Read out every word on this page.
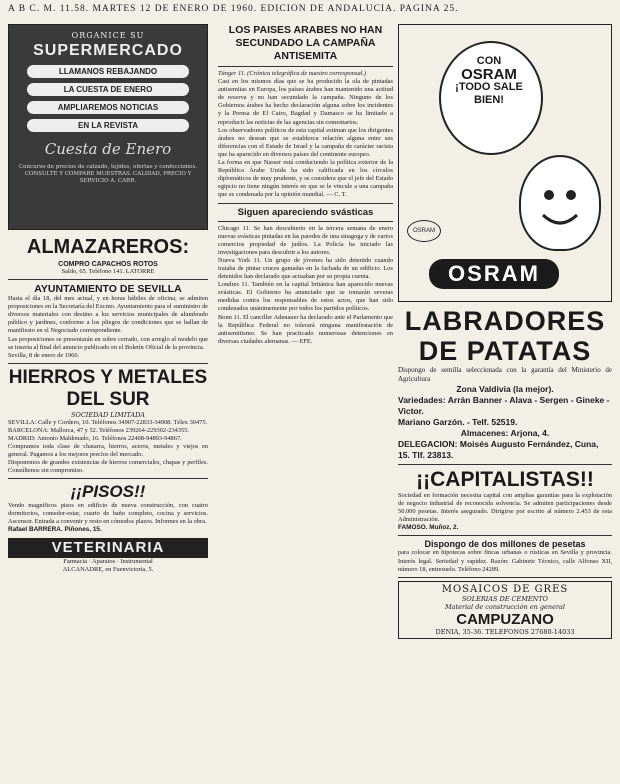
A B C. M. 11.58. MARTES 12 DE ENERO DE 1960. EDICION DE ANDALUCIA. PAGINA 25.
ORGANICE SU
SUPERMERCADO
LLAMANOS REBAJANDO
LA CUESTA DE ENERO
AMPLIAREMOS NOTICIAS
EN LA REVISTA
Cuesta de Enero
Concurso de precios de calzado, tejidos, ofertas y confecciones. CONSULTE Y COMPARE MUESTRAS. CALIDAD, PRECIO Y SERVICIO A. CARR.
ALMAZAREROS:
COMPRO CAPACHOS ROTOS
Saldo, 65. Teléfono 141. LATORRE
AYUNTAMIENTO DE SEVILLA

Hasta el día 18, del mes actual, y en horas hábiles de oficina, se admiten proposiciones en la Secretaría del Excmo. Ayuntamiento para el suministro de diversos materiales con destino a los servicios municipales de alumbrado público y jardines, conforme a los pliegos de condiciones que se hallan de manifiesto en el Negociado correspondiente.

Las proposiciones se presentarán en sobre cerrado, con arreglo al modelo que se inserta al final del anuncio publicado en el Boletín Oficial de la provincia.

Sevilla, 8 de enero de 1960.

HIERROS Y METALES
DEL SUR
SOCIEDAD LIMITADA

SEVILLA: Calle y Cordero, 10. Teléfonos 34907-22833-34908. Télex 30475.

BARCELONA: Mallorca, 47 y 52. Teléfonos 239264-229302-234355.

MADRID: Antonio Maldonado, 16. Teléfonos 22408-94893-94867.

Compramos toda clase de chatarra, hierros, aceros, metales y viejos en general. Pagamos a los mejores precios del mercado.

Disponemos de grandes existencias de hierros comerciales, chapas y perfiles. Consúltenos sin compromiso.

¡¡PISOS!!

Vendo magníficos pisos en edificio de nueva construcción, con cuatro dormitorios, comedor-estar, cuarto de baño completo, cocina y servicios. Ascensor. Entrada a convenir y resto en cómodos plazos. Informes en la obra.

Rafael BARRERA. Piñones, 15.

VETERINARIA

Farmacia · Aparatos · Instrumental

ALCANADRE, en Fuenvictoria, 5.

LOS PAISES ARABES NO HAN SECUNDADO LA CAMPAÑA ANTISEMITA

Tánger 11. (Crónica telegráfica de nuestro corresponsal.)

Casi en los mismos días que se ha producido la ola de pintadas antisemitas en Europa, los países árabes han mantenido una actitud de reserva y no han secundado la campaña. Ninguno de los Gobiernos árabes ha hecho declaración alguna sobre los incidentes y la Prensa de El Cairo, Bagdad y Damasco se ha limitado a reproducir las noticias de las agencias sin comentarios.

Los observadores políticos de esta capital estiman que los dirigentes árabes no desean que se establezca relación alguna entre sus diferencias con el Estado de Israel y la campaña de carácter racista que ha aparecido en diversos países del continente europeo.

La forma en que Nasser está conduciendo la política exterior de la República Árabe Unida ha sido calificada en los círculos diplomáticos de muy prudente, y se considera que el jefe del Estado egipcio no tiene ningún interés en que se le vincule a una campaña que es condenada por la opinión mundial. — C. T.

Siguen apareciendo svásticas

Chicago 11. Se han descubierto en la tercera semana de enero nuevas svásticas pintadas en las paredes de una sinagoga y de varios comercios propiedad de judíos. La Policía ha iniciado las investigaciones para descubrir a los autores.

Nueva York 11. Un grupo de jóvenes ha sido detenido cuando trataba de pintar cruces gamadas en la fachada de un edificio. Los detenidos han declarado que actuaban por su propia cuenta.

Londres 11. También en la capital británica han aparecido nuevas svásticas. El Gobierno ha anunciado que se tomarán severas medidas contra los responsables de estos actos, que han sido condenados unánimemente por todos los partidos políticos.

Bonn 11. El canciller Adenauer ha declarado ante el Parlamento que la República Federal no tolerará ninguna manifestación de antisemitismo. Se han practicado numerosas detenciones en diversas ciudades alemanas. — EFE.

CON
OSRAM
¡TODO SALE
BIEN!
OSRAM
OSRAM
LABRADORES
DE PATATAS

Dispongo de semilla seleccionada con la garantía del Ministerio de Agricultura

Zona Valdivia (la mejor).

Variedades: Arrán Banner - Alava - Sergen - Gineke - Victor.

Mariano Garzón. - Telf. 52519.

Almacenes: Arjona, 4.

DELEGACION: Moisés Augusto Fernández, Cuna, 15. Tlf. 23813.

¡¡CAPITALISTAS!!

Sociedad en formación necesita capital con amplias garantías para la explotación de negocio industrial de reconocida solvencia. Se admiten participaciones desde 50.000 pesetas. Interés asegurado. Dirigirse por escrito al número 2.453 de esta Administración.

FAMOSO. Muñoz, 2.

Dispongo de dos millones de pesetas

para colocar en hipotecas sobre fincas urbanas o rústicas en Sevilla y provincia. Interés legal. Seriedad y rapidez. Razón: Gabinete Técnico, calle Alfonso XII, número 18, entresuelo. Teléfono 24289.

MOSAICOS DE GRES
SOLERIAS DE CEMENTO
Material de construcción en general
CAMPUZANO
DENIA, 35-36. TELEFONOS 27680-14033
